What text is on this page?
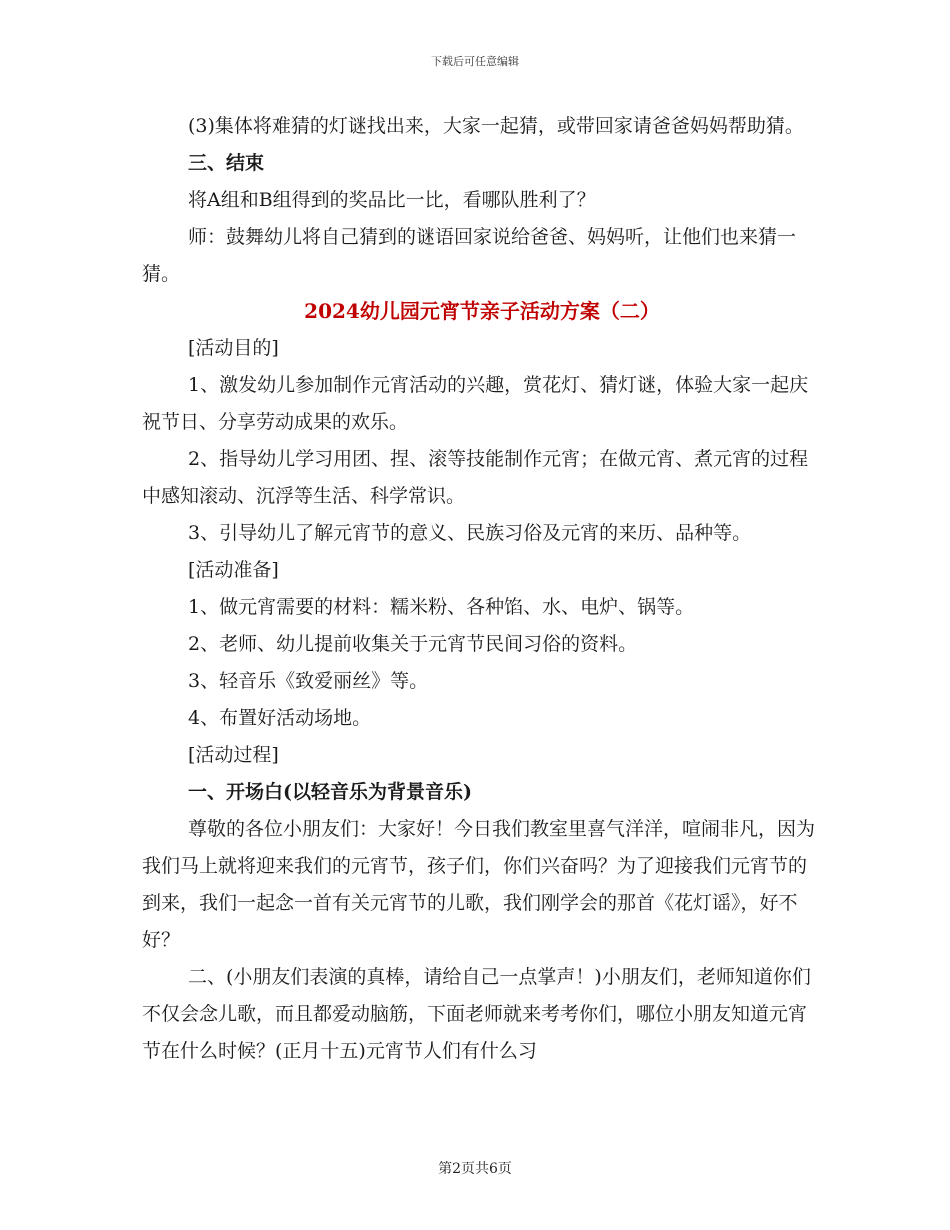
下载后可任意编辑

(3)集体将难猜的灯谜找出来，大家一起猜，或带回家请爸爸妈妈帮助猜。

三、结束

将A组和B组得到的奖品比一比，看哪队胜利了？

师：鼓舞幼儿将自己猜到的谜语回家说给爸爸、妈妈听，让他们也来猜一猜。

2024幼儿园元宵节亲子活动方案（二）

[活动目的]

1、激发幼儿参加制作元宵活动的兴趣，赏花灯、猜灯谜，体验大家一起庆祝节日、分享劳动成果的欢乐。

2、指导幼儿学习用团、捏、滚等技能制作元宵；在做元宵、煮元宵的过程中感知滚动、沉浮等生活、科学常识。

3、引导幼儿了解元宵节的意义、民族习俗及元宵的来历、品种等。

[活动准备]

1、做元宵需要的材料：糯米粉、各种馅、水、电炉、锅等。

2、老师、幼儿提前收集关于元宵节民间习俗的资料。

3、轻音乐《致爱丽丝》等。

4、布置好活动场地。

[活动过程]

一、开场白(以轻音乐为背景音乐)

尊敬的各位小朋友们：大家好！今日我们教室里喜气洋洋，喧闹非凡，因为我们马上就将迎来我们的元宵节，孩子们，你们兴奋吗？为了迎接我们元宵节的到来，我们一起念一首有关元宵节的儿歌，我们刚学会的那首《花灯谣》，好不好？

二、(小朋友们表演的真棒，请给自己一点掌声！)小朋友们，老师知道你们不仅会念儿歌，而且都爱动脑筋，下面老师就来考考你们，哪位小朋友知道元宵节在什么时候？(正月十五)元宵节人们有什么习

第2页共6页
